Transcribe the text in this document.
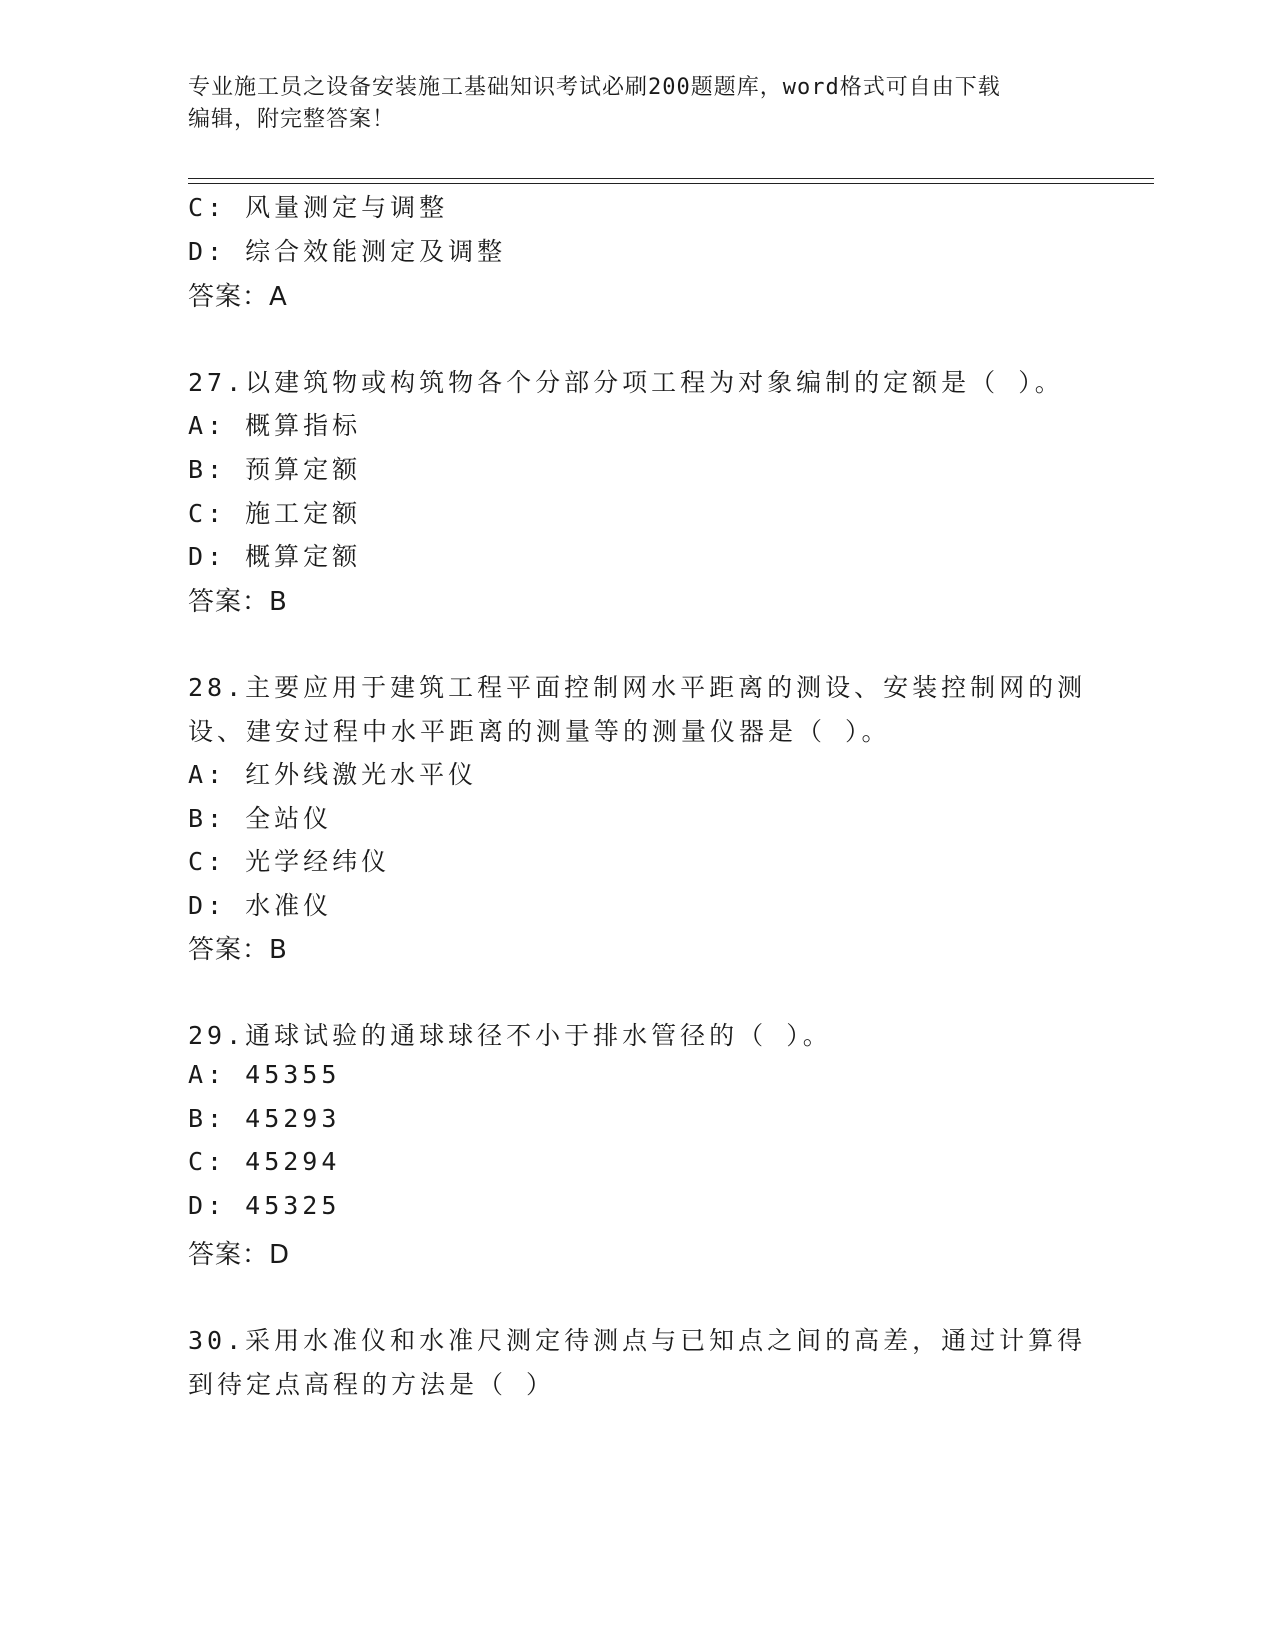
专业施工员之设备安装施工基础知识考试必刷200题题库，word格式可自由下载
编辑，附完整答案！
C: 风量测定与调整
D: 综合效能测定及调整
答案：A
27.以建筑物或构筑物各个分部分项工程为对象编制的定额是（ ）。
A: 概算指标
B: 预算定额
C: 施工定额
D: 概算定额
答案：B
28.主要应用于建筑工程平面控制网水平距离的测设、安装控制网的测
设、建安过程中水平距离的测量等的测量仪器是（ ）。
A: 红外线激光水平仪
B: 全站仪
C: 光学经纬仪
D: 水准仪
答案：B
29.通球试验的通球球径不小于排水管径的（ ）。
A: 45355
B: 45293
C: 45294
D: 45325
答案：D
30.采用水准仪和水准尺测定待测点与已知点之间的高差，通过计算得
到待定点高程的方法是（ ）
